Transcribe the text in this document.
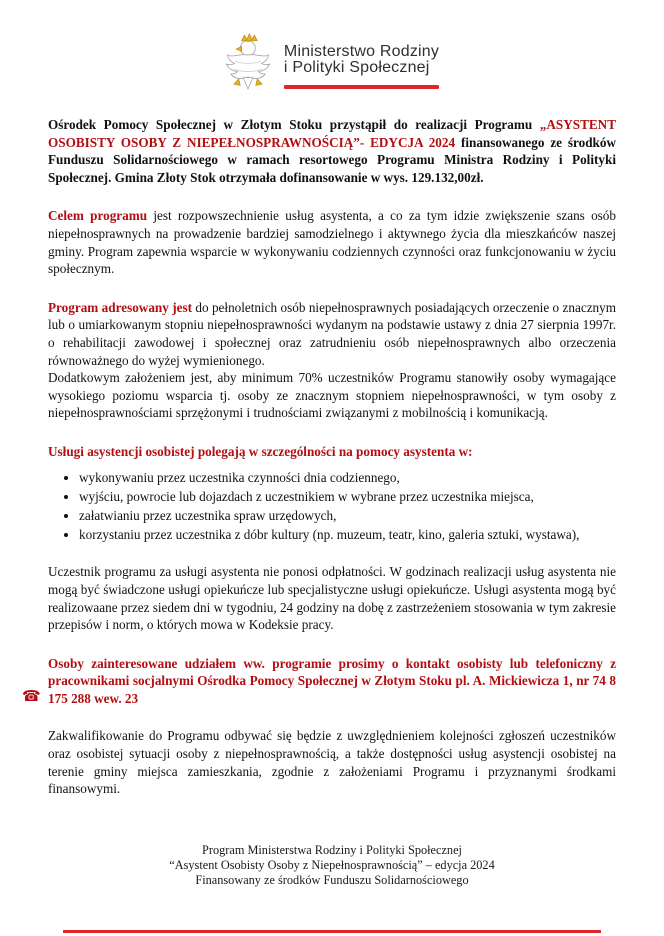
Ministerstwo Rodziny
i Polityki Społecznej

Ośrodek Pomocy Społecznej w Złotym Stoku przystąpił do realizacji Programu „ASYSTENT OSOBISTY OSOBY Z NIEPEŁNOSPRAWNOŚCIĄ”- EDYCJA 2024 finansowanego ze środków Funduszu Solidarnościowego w ramach resortowego Programu Ministra Rodziny i Polityki Społecznej. Gmina Złoty Stok otrzymała dofinansowanie w wys. 129.132,00zł.

Celem programu jest rozpowszechnienie usług asystenta, a co za tym idzie zwiększenie szans osób niepełnosprawnych na prowadzenie bardziej samodzielnego i aktywnego życia dla mieszkańców naszej gminy. Program zapewnia wsparcie w wykonywaniu codziennych czynności oraz funkcjonowaniu w życiu społecznym.

Program adresowany jest do pełnoletnich osób niepełnosprawnych posiadających orzeczenie o znacznym lub o umiarkowanym stopniu niepełnosprawności wydanym na podstawie ustawy z dnia 27 sierpnia 1997r. o rehabilitacji zawodowej i społecznej oraz zatrudnieniu osób niepełnosprawnych albo orzeczenia równoważnego do wyżej wymienionego.

Dodatkowym założeniem jest, aby minimum 70% uczestników Programu stanowiły osoby wymagające wysokiego poziomu wsparcia tj. osoby ze znacznym stopniem niepełnosprawności, w tym osoby z niepełnosprawnościami sprzężonymi i trudnościami związanymi z mobilnością i komunikacją.

Usługi asystencji osobistej polegają w szczególności na pomocy asystenta w:

• wykonywaniu przez uczestnika czynności dnia codziennego,
• wyjściu, powrocie lub dojazdach z uczestnikiem w wybrane przez uczestnika miejsca,
• załatwianiu przez uczestnika spraw urzędowych,
• korzystaniu przez uczestnika z dóbr kultury (np. muzeum, teatr, kino, galeria sztuki, wystawa),

Uczestnik programu za usługi asystenta nie ponosi odpłatności. W godzinach realizacji usług asystenta nie mogą być świadczone usługi opiekuńcze lub specjalistyczne usługi opiekuńcze. Usługi asystenta mogą być realizowaane przez siedem dni w tygodniu, 24 godziny na dobę z zastrzeżeniem stosowania w tym zakresie przepisów i norm, o których mowa w Kodeksie pracy.

☎
Osoby zainteresowane udziałem ww. programie prosimy o kontakt osobisty lub telefoniczny z pracownikami socjalnymi Ośrodka Pomocy Społecznej w Złotym Stoku pl. A. Mickiewicza 1, nr 74 8 175 288 wew. 23

Zakwalifikowanie do Programu odbywać się będzie z uwzględnieniem kolejności zgłoszeń uczestników oraz osobistej sytuacji osoby z niepełnosprawnością, a także dostępności usług asystencji osobistej na terenie gminy miejsca zamieszkania, zgodnie z założeniami Programu i przyznanymi środkami finansowymi.

Program Ministerstwa Rodziny i Polityki Społecznej
“Asystent Osobisty Osoby z Niepełnosprawnością” – edycja 2024
Finansowany ze środków Funduszu Solidarnościowego
